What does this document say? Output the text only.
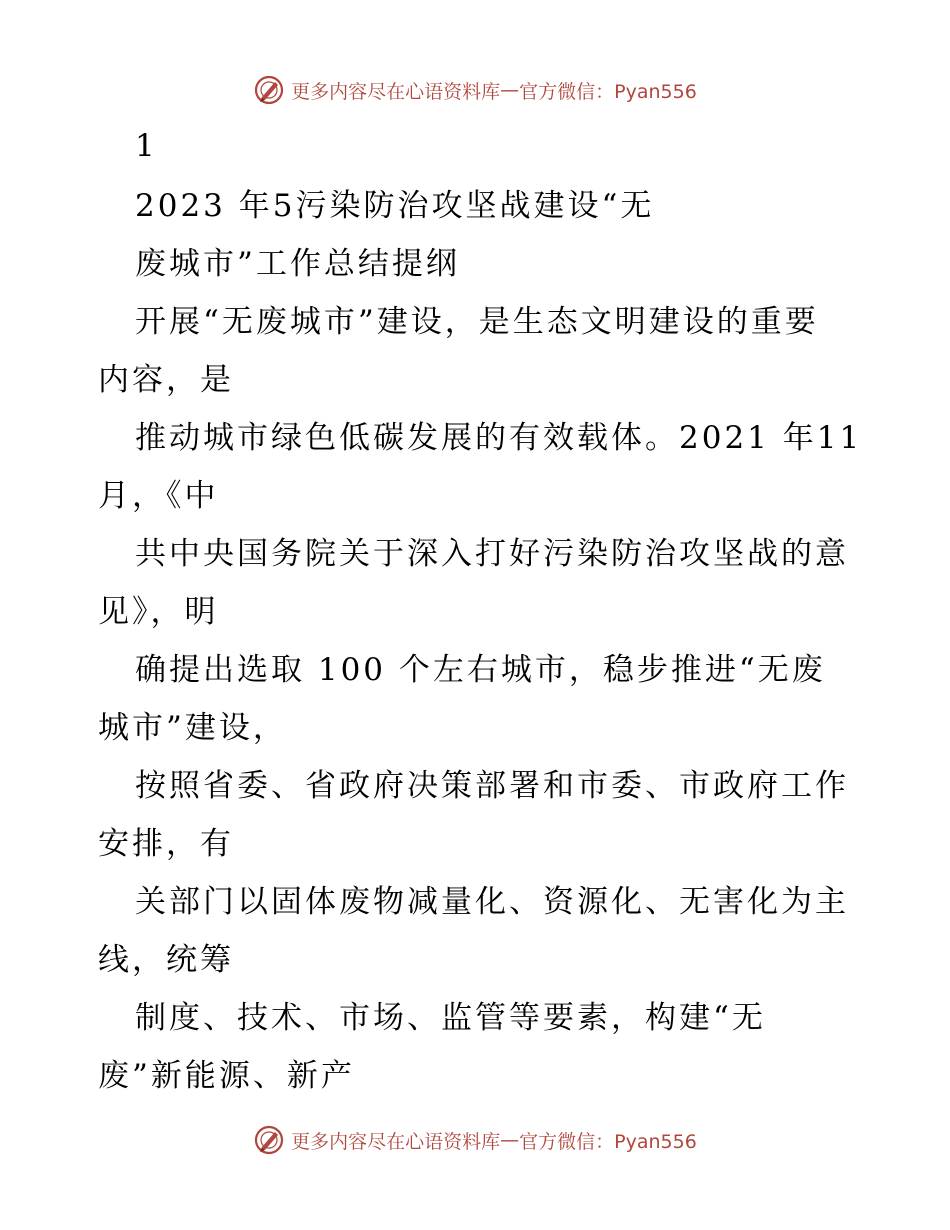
更多内容尽在心语资料库 — 官方微信：Pyan556
1
2023 年5污染防治攻坚战建设“无
废城市”工作总结提纲
开展“无废城市”建设，是生态文明建设的重要
内容，是
推动城市绿色低碳发展的有效载体。2021 年11
月，《中
共中央国务院关于深入打好污染防治攻坚战的意
见》，明
确提出选取 100 个左右城市，稳步推进“无废
城市”建设，
按照省委、省政府决策部署和市委、市政府工作
安排，有
关部门以固体废物减量化、资源化、无害化为主
线，统筹
制度、技术、市场、监管等要素，构建“无
废”新能源、新产
更多内容尽在心语资料库 — 官方微信：Pyan556
